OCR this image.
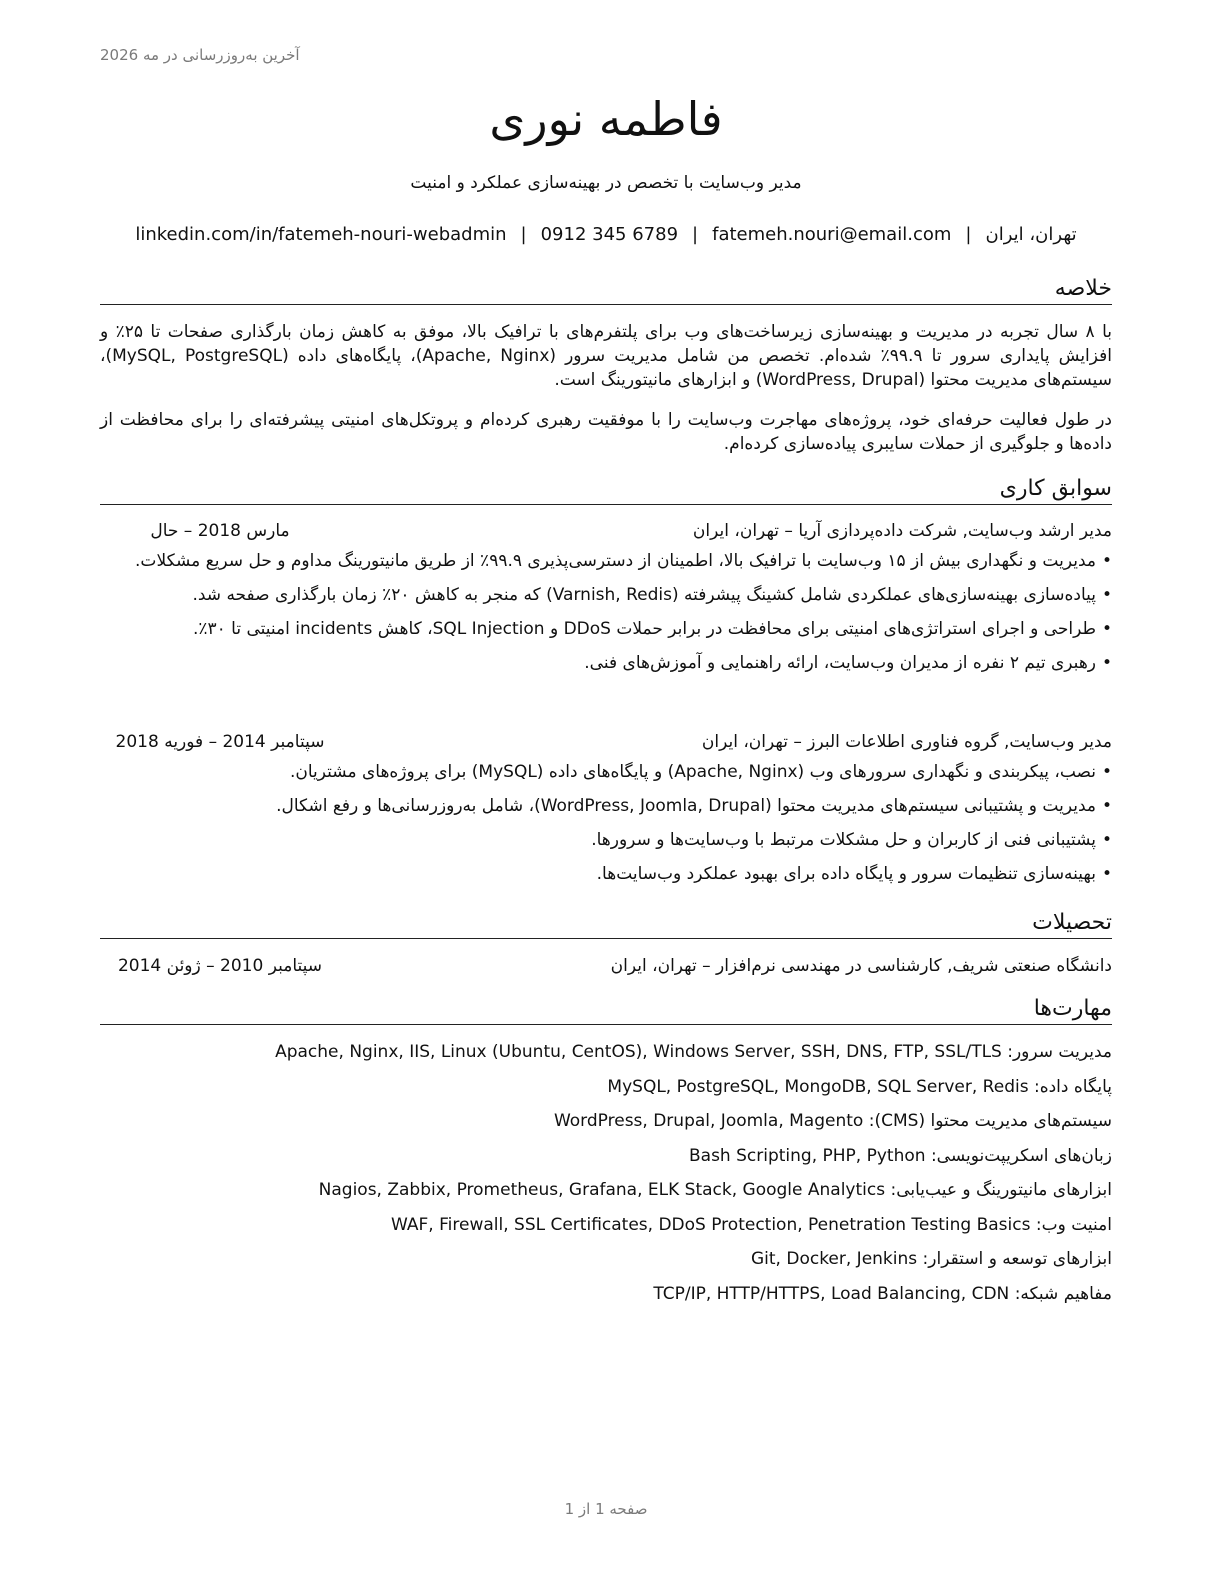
آخرین به‌روزرسانی در مه 2026
فاطمه نوری
مدیر وب‌سایت با تخصص در بهینه‌سازی عملکرد و امنیت
تهران، ایران|fatemeh.nouri@email.com|0912 345 6789|linkedin.com/in/fatemeh-nouri-webadmin
خلاصه

با ۸ سال تجربه در مدیریت و بهینه‌سازی زیرساخت‌های وب برای پلتفرم‌های با ترافیک بالا، موفق به کاهش زمان بارگذاری صفحات تا ۲۵٪ و افزایش پایداری سرور تا ۹۹.۹٪ شده‌ام. تخصص من شامل مدیریت سرور (Apache, Nginx)، پایگاه‌های داده (MySQL, PostgreSQL)، سیستم‌های مدیریت محتوا (WordPress, Drupal) و ابزارهای مانیتورینگ است.

در طول فعالیت حرفه‌ای خود، پروژه‌های مهاجرت وب‌سایت را با موفقیت رهبری کرده‌ام و پروتکل‌های امنیتی پیشرفته‌ای را برای محافظت از داده‌ها و جلوگیری از حملات سایبری پیاده‌سازی کرده‌ام.

سوابق کاری
مدیر ارشد وب‌سایت, شرکت داده‌پردازی آریا – تهران، ایران
مارس 2018 – حال
• مدیریت و نگهداری بیش از ۱۵ وب‌سایت با ترافیک بالا، اطمینان از دسترسی‌پذیری ۹۹.۹٪ از طریق مانیتورینگ مداوم و حل سریع مشکلات.
• پیاده‌سازی بهینه‌سازی‌های عملکردی شامل کشینگ پیشرفته (Varnish, Redis) که منجر به کاهش ۲۰٪ زمان بارگذاری صفحه شد.
• طراحی و اجرای استراتژی‌های امنیتی برای محافظت در برابر حملات DDoS و SQL Injection، کاهش incidents امنیتی تا ۳۰٪.
• رهبری تیم ۲ نفره از مدیران وب‌سایت، ارائه راهنمایی و آموزش‌های فنی.
مدیر وب‌سایت, گروه فناوری اطلاعات البرز – تهران، ایران
سپتامبر 2014 – فوریه 2018
• نصب، پیکربندی و نگهداری سرورهای وب (Apache, Nginx) و پایگاه‌های داده (MySQL) برای پروژه‌های مشتریان.
• مدیریت و پشتیبانی سیستم‌های مدیریت محتوا (WordPress, Joomla, Drupal)، شامل به‌روزرسانی‌ها و رفع اشکال.
• پشتیبانی فنی از کاربران و حل مشکلات مرتبط با وب‌سایت‌ها و سرورها.
• بهینه‌سازی تنظیمات سرور و پایگاه داده برای بهبود عملکرد وب‌سایت‌ها.
تحصیلات
دانشگاه صنعتی شریف, کارشناسی در مهندسی نرم‌افزار – تهران، ایران
سپتامبر 2010 – ژوئن 2014
مهارت‌ها
مدیریت سرور: Apache, Nginx, IIS, Linux (Ubuntu, CentOS), Windows Server, SSH, DNS, FTP, SSL/TLS
پایگاه داده: MySQL, PostgreSQL, MongoDB, SQL Server, Redis
سیستم‌های مدیریت محتوا (CMS): WordPress, Drupal, Joomla, Magento
زبان‌های اسکریپت‌نویسی: Bash Scripting, PHP, Python
ابزارهای مانیتورینگ و عیب‌یابی: Nagios, Zabbix, Prometheus, Grafana, ELK Stack, Google Analytics
امنیت وب: WAF, Firewall, SSL Certificates, DDoS Protection, Penetration Testing Basics
ابزارهای توسعه و استقرار: Git, Docker, Jenkins
مفاهیم شبکه: TCP/IP, HTTP/HTTPS, Load Balancing, CDN
صفحه 1 از 1
